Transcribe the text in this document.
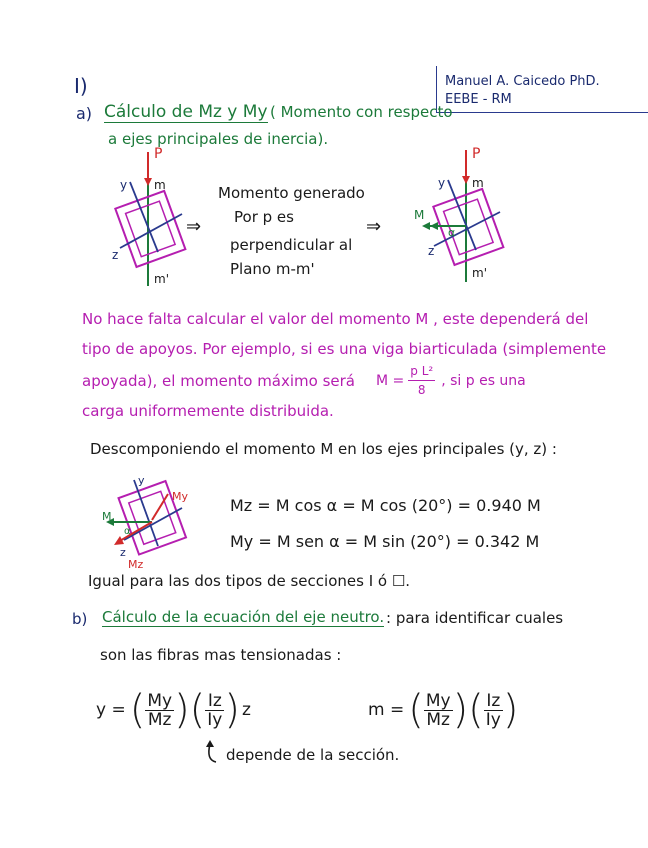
Manuel A. Caicedo PhD.
EEBE - RM
I)
a) Cálculo de Mz y My ( Momento con respecto
a ejes principales de inercia).
P
y m
z
m'
⇒
Momento generado
Por p es
perpendicular al
Plano m-m'
⇒
P
y m
M
α
z
m'
No hace falta calcular el valor del momento M , este dependerá del
tipo de apoyos. Por ejemplo, si es una viga biarticulada (simplemente
apoyada), el momento máximo será $M = \frac{\text{p L²}}{8}$ , si p es una
carga uniformemente distribuida.
Descomponiendo el momento M en los ejes principales (y, z) :
y
My
M
α
z
Mz
Mz = M cos α = M cos (20°) = 0.940 M
My = M sen α = M sin (20°) = 0.342 M
Igual para las dos tipos de secciones I ó ☐.
b) Cálculo de la ecuación del eje neutro. : para identificar cuales
son las fibras mas tensionadas :
y = ( $\frac{My}{Mz}$ ) ( $\frac{Iz}{Iy}$ ) z	m = ( $\frac{My}{Mz}$ ) ( $\frac{Iz}{Iy}$ )
depende de la sección.
